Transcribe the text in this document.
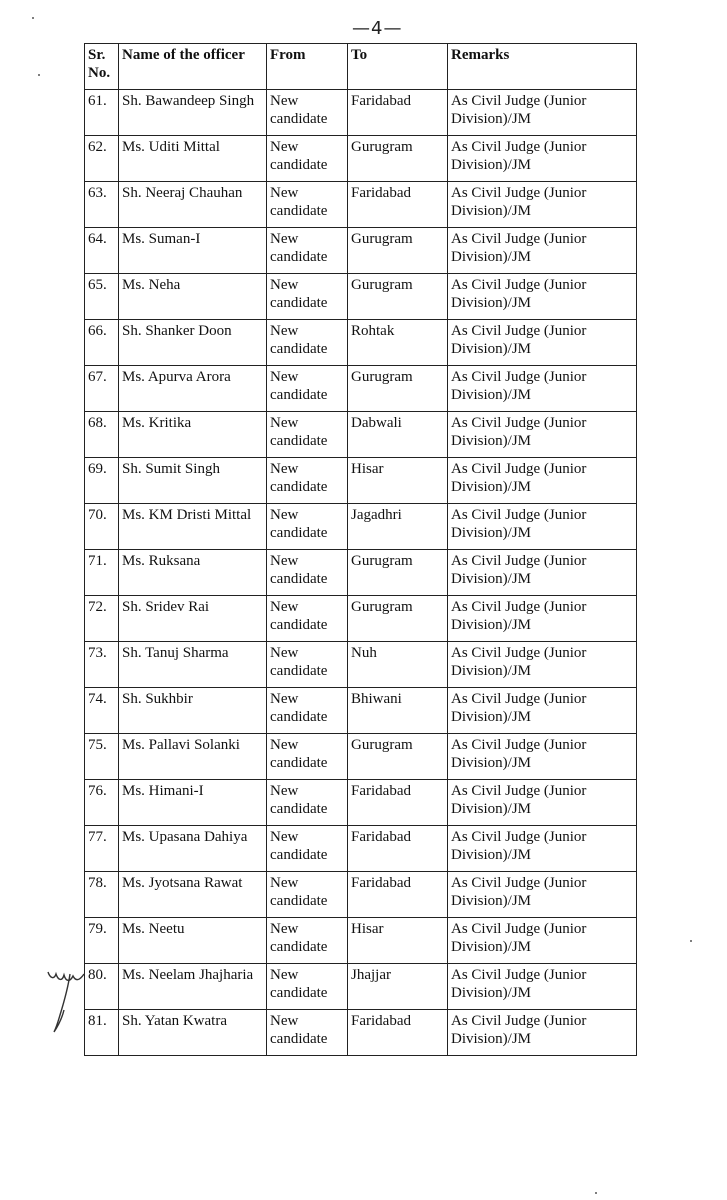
—4—
Sr. No.	Name of the officer	From	To	Remarks
61.	Sh. Bawandeep Singh	New candidate	Faridabad	As Civil Judge (Junior Division)/JM
62.	Ms. Uditi Mittal	New candidate	Gurugram	As Civil Judge (Junior Division)/JM
63.	Sh. Neeraj Chauhan	New candidate	Faridabad	As Civil Judge (Junior Division)/JM
64.	Ms. Suman-I	New candidate	Gurugram	As Civil Judge (Junior Division)/JM
65.	Ms. Neha	New candidate	Gurugram	As Civil Judge (Junior Division)/JM
66.	Sh. Shanker Doon	New candidate	Rohtak	As Civil Judge (Junior Division)/JM
67.	Ms. Apurva Arora	New candidate	Gurugram	As Civil Judge (Junior Division)/JM
68.	Ms. Kritika	New candidate	Dabwali	As Civil Judge (Junior Division)/JM
69.	Sh. Sumit Singh	New candidate	Hisar	As Civil Judge (Junior Division)/JM
70.	Ms. KM Dristi Mittal	New candidate	Jagadhri	As Civil Judge (Junior Division)/JM
71.	Ms. Ruksana	New candidate	Gurugram	As Civil Judge (Junior Division)/JM
72.	Sh. Sridev Rai	New candidate	Gurugram	As Civil Judge (Junior Division)/JM
73.	Sh. Tanuj Sharma	New candidate	Nuh	As Civil Judge (Junior Division)/JM
74.	Sh. Sukhbir	New candidate	Bhiwani	As Civil Judge (Junior Division)/JM
75.	Ms. Pallavi Solanki	New candidate	Gurugram	As Civil Judge (Junior Division)/JM
76.	Ms. Himani-I	New candidate	Faridabad	As Civil Judge (Junior Division)/JM
77.	Ms. Upasana Dahiya	New candidate	Faridabad	As Civil Judge (Junior Division)/JM
78.	Ms. Jyotsana Rawat	New candidate	Faridabad	As Civil Judge (Junior Division)/JM
79.	Ms. Neetu	New candidate	Hisar	As Civil Judge (Junior Division)/JM
80.	Ms. Neelam Jhajharia	New candidate	Jhajjar	As Civil Judge (Junior Division)/JM
81.	Sh. Yatan Kwatra	New candidate	Faridabad	As Civil Judge (Junior Division)/JM
